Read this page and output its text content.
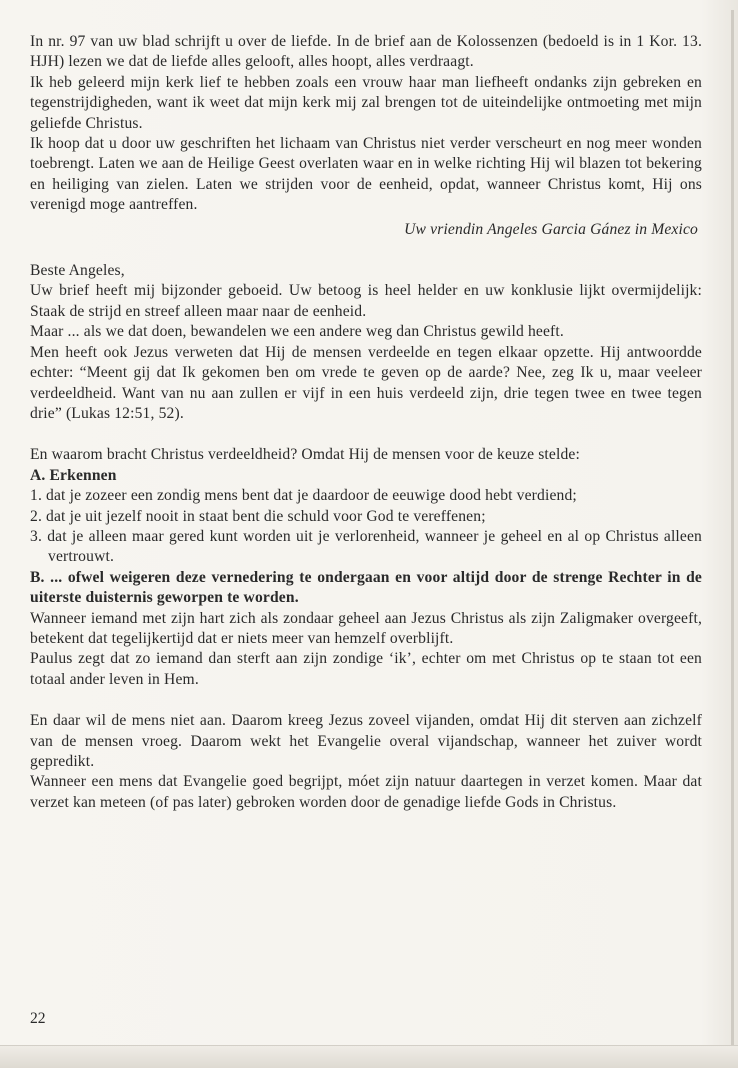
In nr. 97 van uw blad schrijft u over de liefde. In de brief aan de Kolossenzen (bedoeld is in 1 Kor. 13. HJH) lezen we dat de liefde alles gelooft, alles hoopt, alles verdraagt.

Ik heb geleerd mijn kerk lief te hebben zoals een vrouw haar man liefheeft ondanks zijn gebreken en tegenstrijdigheden, want ik weet dat mijn kerk mij zal brengen tot de uiteindelijke ontmoeting met mijn geliefde Christus.

Ik hoop dat u door uw geschriften het lichaam van Christus niet verder verscheurt en nog meer wonden toebrengt. Laten we aan de Heilige Geest overlaten waar en in welke richting Hij wil blazen tot bekering en heiliging van zielen. Laten we strijden voor de eenheid, opdat, wanneer Christus komt, Hij ons verenigd moge aantreffen.

Uw vriendin Angeles Garcia Gánez in Mexico

Beste Angeles,

Uw brief heeft mij bijzonder geboeid. Uw betoog is heel helder en uw konklusie lijkt overmijdelijk: Staak de strijd en streef alleen maar naar de eenheid.

Maar ... als we dat doen, bewandelen we een andere weg dan Christus gewild heeft.

Men heeft ook Jezus verweten dat Hij de mensen verdeelde en tegen elkaar opzette. Hij antwoordde echter: “Meent gij dat Ik gekomen ben om vrede te geven op de aarde? Nee, zeg Ik u, maar veeleer verdeeldheid. Want van nu aan zullen er vijf in een huis verdeeld zijn, drie tegen twee en twee tegen drie” (Lukas 12:51, 52).

En waarom bracht Christus verdeeldheid? Omdat Hij de mensen voor de keuze stelde:

A. Erkennen

1. dat je zozeer een zondig mens bent dat je daardoor de eeuwige dood hebt verdiend;

2. dat je uit jezelf nooit in staat bent die schuld voor God te vereffenen;

3. dat je alleen maar gered kunt worden uit je verlorenheid, wanneer je geheel en al op Christus alleen vertrouwt.

B. ... ofwel weigeren deze vernedering te ondergaan en voor altijd door de strenge Rechter in de uiterste duisternis geworpen te worden.

Wanneer iemand met zijn hart zich als zondaar geheel aan Jezus Christus als zijn Zaligmaker overgeeft, betekent dat tegelijkertijd dat er niets meer van hemzelf overblijft.

Paulus zegt dat zo iemand dan sterft aan zijn zondige ‘ik’, echter om met Christus op te staan tot een totaal ander leven in Hem.

En daar wil de mens niet aan. Daarom kreeg Jezus zoveel vijanden, omdat Hij dit sterven aan zichzelf van de mensen vroeg. Daarom wekt het Evangelie overal vijandschap, wanneer het zuiver wordt gepredikt.

Wanneer een mens dat Evangelie goed begrijpt, móet zijn natuur daartegen in verzet komen. Maar dat verzet kan meteen (of pas later) gebroken worden door de genadige liefde Gods in Christus.

22
